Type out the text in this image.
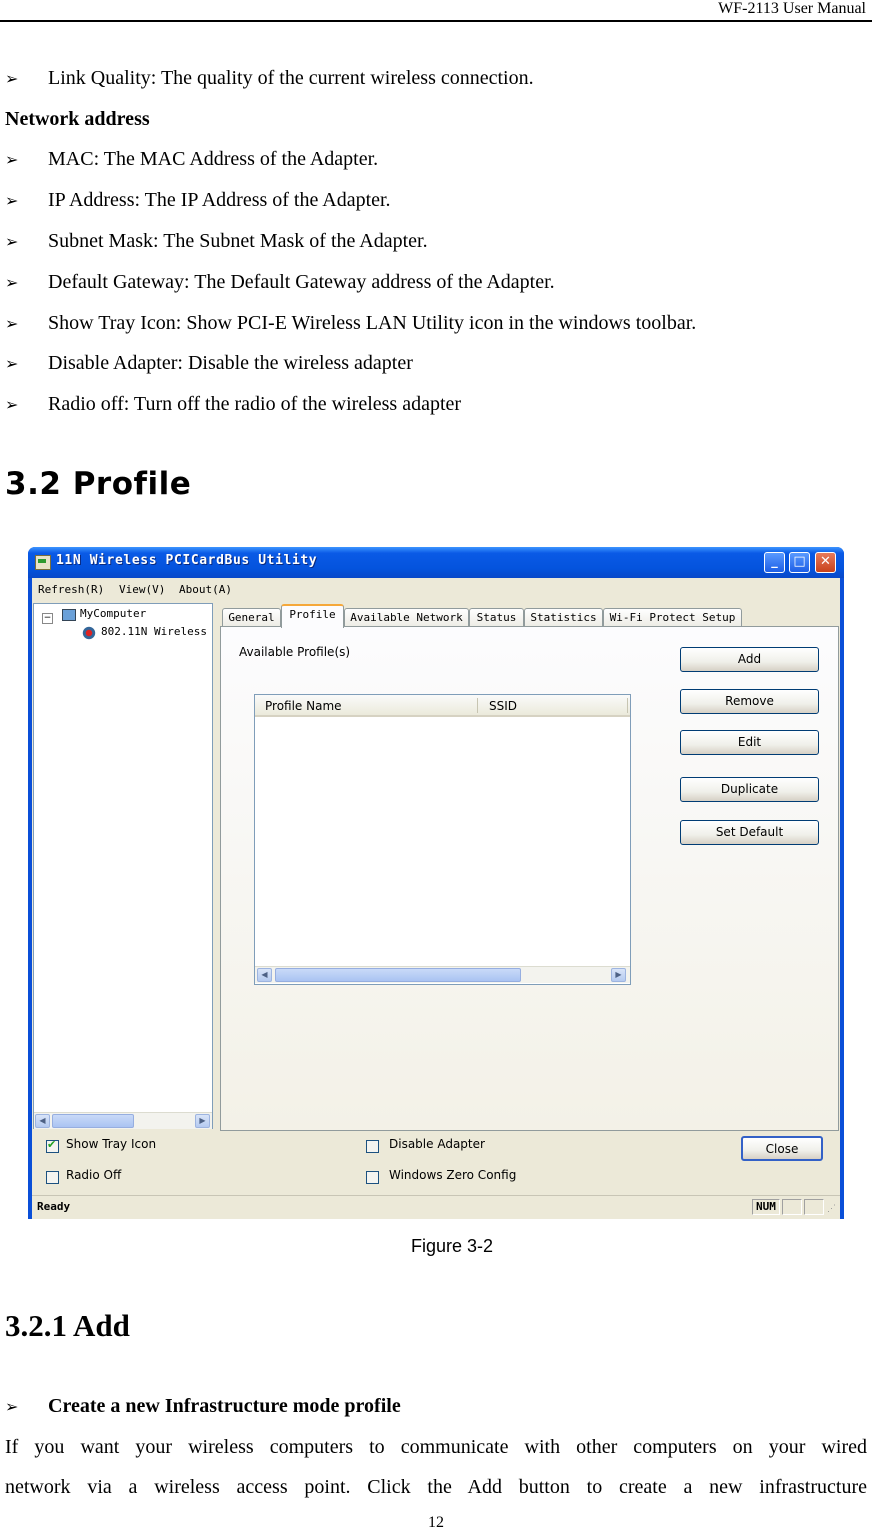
WF-2113 User Manual
➢ Link Quality: The quality of the current wireless connection.
Network address
➢ MAC: The MAC Address of the Adapter.
➢ IP Address: The IP Address of the Adapter.
➢ Subnet Mask: The Subnet Mask of the Adapter.
➢ Default Gateway: The Default Gateway address of the Adapter.
➢ Show Tray Icon: Show PCI-E Wireless LAN Utility icon in the windows toolbar.
➢ Disable Adapter: Disable the wireless adapter
➢ Radio off: Turn off the radio of the wireless adapter
3.2 Profile
11N Wireless PCICardBus Utility	_	□	✕
Refresh(R) View(V) About(A)
−	MyComputer
802.11N Wireless
◀	▶
General	Profile	Available Network	Status	Statistics	Wi-Fi Protect Setup
Available Profile(s)
Profile Name	SSID
◀	▶
Add
Remove
Edit
Duplicate
Set Default
✔
Show Tray Icon
Radio Off
Disable Adapter
Windows Zero Config
Close
Ready	NUM	⋰
Figure 3-2
3.2.1 Add
➢ Create a new Infrastructure mode profile
If you want your wireless computers to communicate with other computers on your wired
network via a wireless access point. Click the Add button to create a new infrastructure
12
